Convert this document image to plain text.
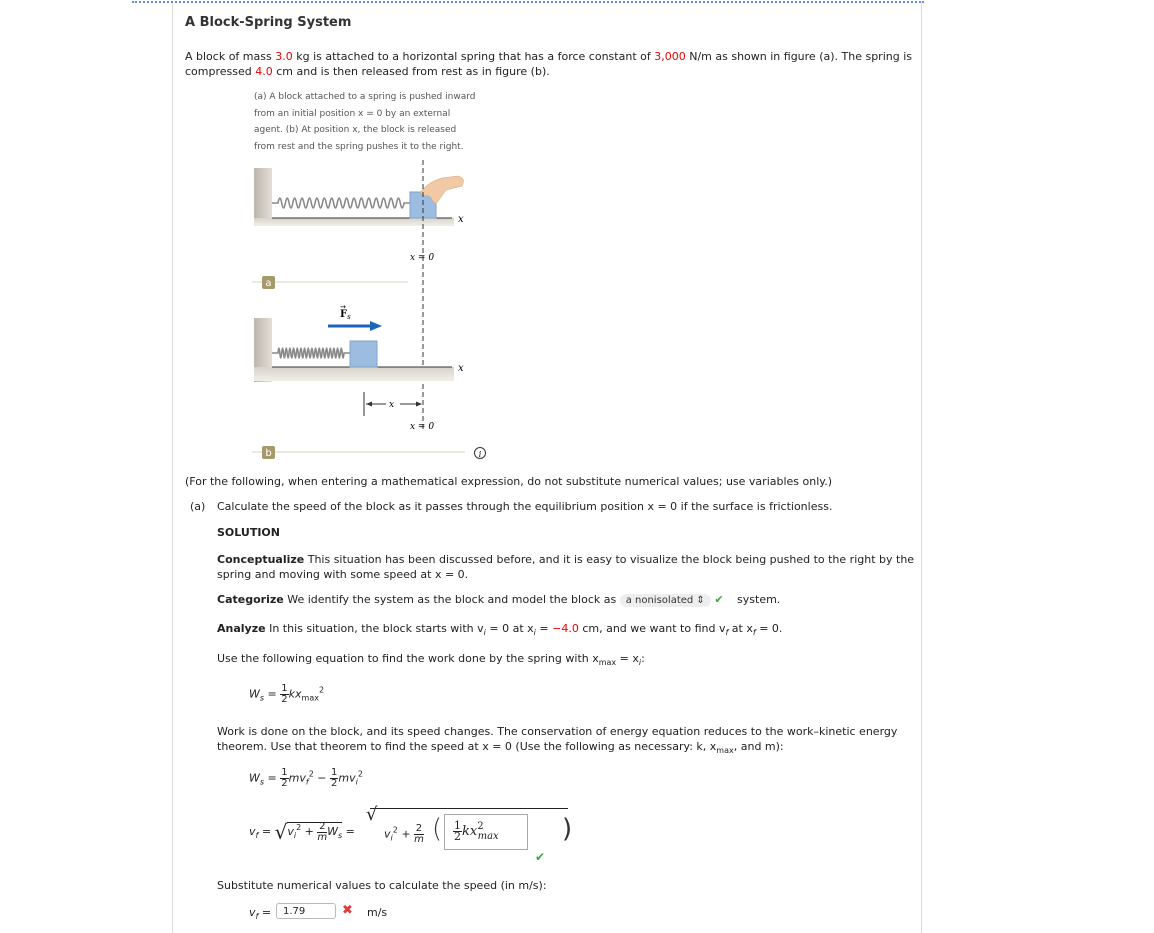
A Block-Spring System
A block of mass 3.0 kg is attached to a horizontal spring that has a force constant of 3,000 N/m as shown in figure (a). The spring is
compressed 4.0 cm and is then released from rest as in figure (b).
(a) A block attached to a spring is pushed inward
from an initial position x = 0 by an external
agent. (b) At position x, the block is released
from rest and the spring pushes it to the right.
x
x = 0
a
$F_s$
→
x
x
x = 0
b	i
(For the following, when entering a mathematical expression, do not substitute numerical values; use variables only.)
(a) Calculate the speed of the block as it passes through the equilibrium position x = 0 if the surface is frictionless.
SOLUTION
Conceptualize This situation has been discussed before, and it is easy to visualize the block being pushed to the right by the
spring and moving with some speed at x = 0.
Categorize We identify the system as the block and model the block as a nonisolated ⇕ ✔ system.
Analyze In this situation, the block starts with $v_i = 0$ at $x_i = -4.0$ cm, and we want to find $v_f$ at $x_f = 0$.
Use the following equation to find the work done by the spring with $x_{max} = x_i$:
$W_s = \frac{1}{2} kx_{max}^2$
Work is done on the block, and its speed changes. The conservation of energy equation reduces to the work–kinetic energy
theorem. Use that theorem to find the speed at x = 0 (Use the following as necessary: k, $x_{max}$, and m):
$W_s = \frac{1}{2} mv_f^2 - \frac{1}{2} mv_i^2$
$v_f = √v_i^2 + \frac{2}{m} W_s$ =
√
$v_i^2 + \frac{2}{m}$ ( $\frac{1}{2} kx^2_{max}$ )
✔
Substitute numerical values to calculate the speed (in m/s):
$v_f$ =	1.79	✖ m/s
